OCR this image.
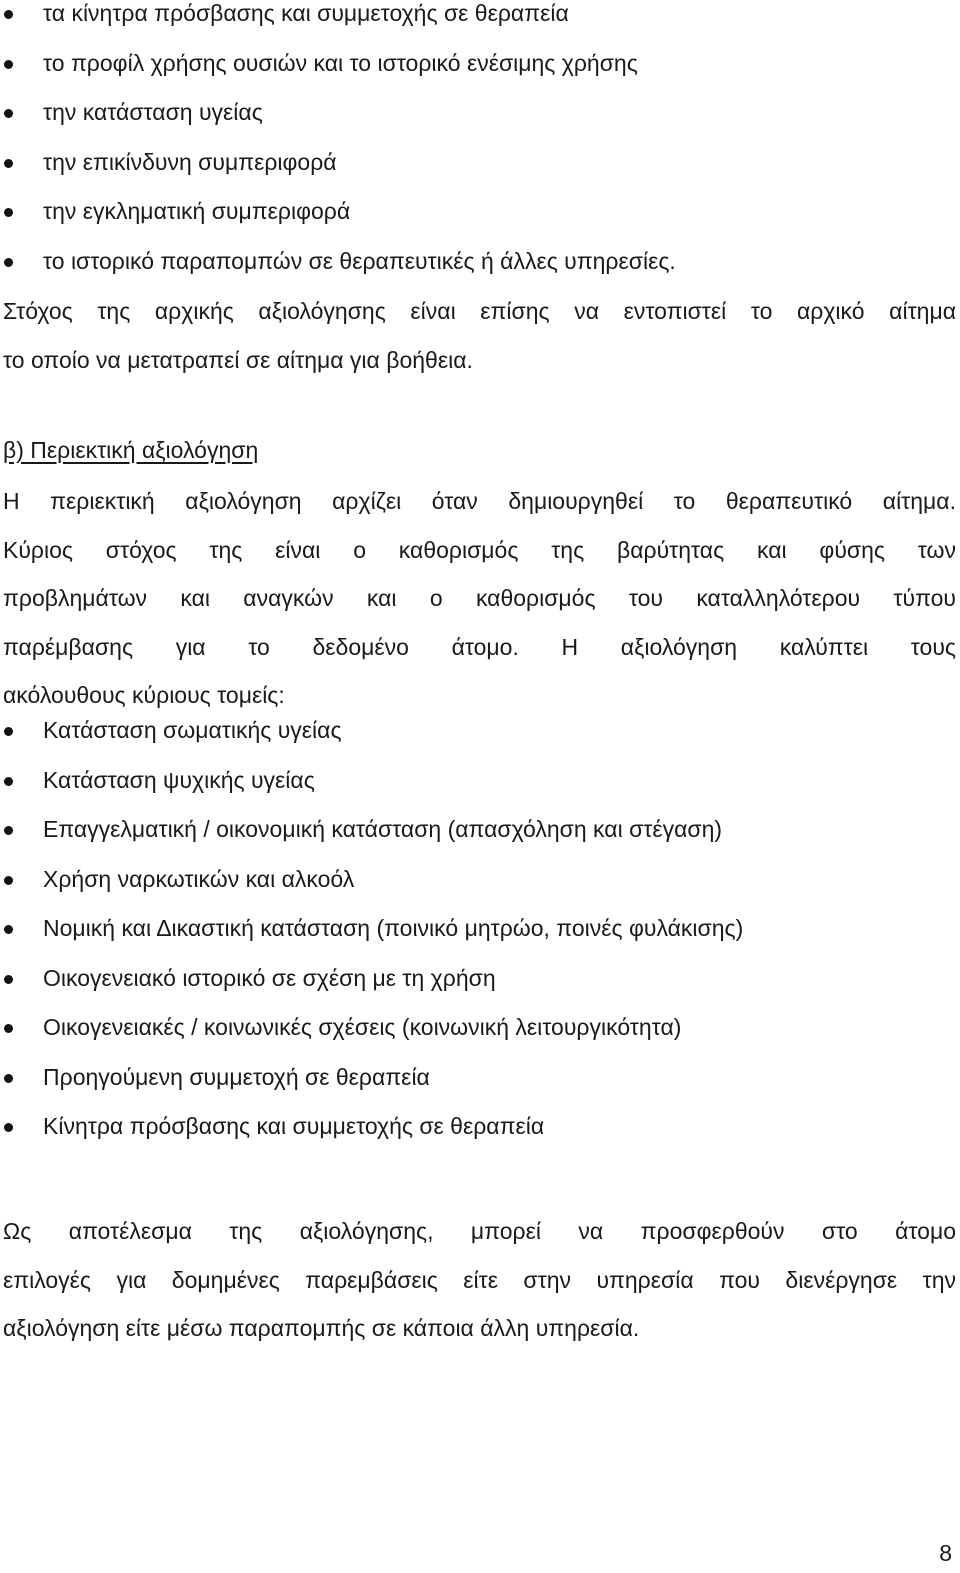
τα κίνητρα πρόσβασης και συμμετοχής σε θεραπεία
το προφίλ χρήσης ουσιών και το ιστορικό ενέσιμης χρήσης
την κατάσταση υγείας
την επικίνδυνη συμπεριφορά
την εγκληματική συμπεριφορά
το ιστορικό παραπομπών σε θεραπευτικές ή άλλες υπηρεσίες.

Στόχος της αρχικής αξιολόγησης είναι επίσης να εντοπιστεί το αρχικό αίτημα
το οποίο να μετατραπεί σε αίτημα για βοήθεια.

β) Περιεκτική αξιολόγηση

Η περιεκτική αξιολόγηση αρχίζει όταν δημιουργηθεί το θεραπευτικό αίτημα.
Κύριος στόχος της είναι ο καθορισμός της βαρύτητας και φύσης των
προβλημάτων και αναγκών και ο καθορισμός του καταλληλότερου τύπου
παρέμβασης για το δεδομένο άτομο. Η αξιολόγηση καλύπτει τους
ακόλουθους κύριους τομείς:

Κατάσταση σωματικής υγείας
Κατάσταση ψυχικής υγείας
Επαγγελματική / οικονομική κατάσταση (απασχόληση και στέγαση)
Χρήση ναρκωτικών και αλκοόλ
Νομική και Δικαστική κατάσταση (ποινικό μητρώο, ποινές φυλάκισης)
Οικογενειακό ιστορικό σε σχέση με τη χρήση
Οικογενειακές / κοινωνικές σχέσεις (κοινωνική λειτουργικότητα)
Προηγούμενη συμμετοχή σε θεραπεία
Κίνητρα πρόσβασης και συμμετοχής σε θεραπεία

Ως αποτέλεσμα της αξιολόγησης, μπορεί να προσφερθούν στο άτομο
επιλογές για δομημένες παρεμβάσεις είτε στην υπηρεσία που διενέργησε την
αξιολόγηση είτε μέσω παραπομπής σε κάποια άλλη υπηρεσία.

8
